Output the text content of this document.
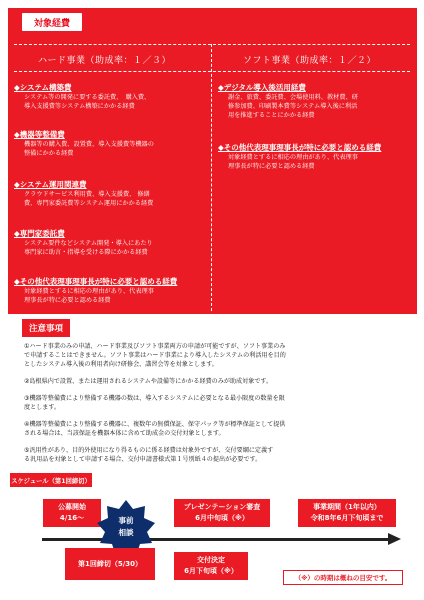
対象経費
ハード事業（助成率：１／３）	ソフト事業（助成率：１／２）
◆システム構築費
システム等の開発に要する委託費、　購入費、
導入支援費等システム構築にかかる経費
◆機器等整備費
機器等の購入費、設置費、導入支援費等機器の
整備にかかる経費
◆システム運用関連費
クラウドサービス利用費、導入支援費、 修繕
費、専門家委託費等システム運用にかかる経費
◆専門家委託費
システム要件などシステム開発・導入にあたり
専門家に助言・指導を受ける際にかかる経費
◆その他代表理事理事長が特に必要と認める経費
対象経費とするに相応の理由があり、代表理事
理事長が特に必要と認める経費
◆デジタル導入後活用経費
謝金、旅費、委託費、会場使用料、教材費、研
修参加費、印刷製本費等システム導入後に利活
用を推進することにかかる経費
◆その他代表理事理事長が特に必要と認める経費
対象経費とするに相応の理由があり、代表理事
理事長が特に必要と認める経費
注意事項
①ハード事業のみの申請、ハード事業及びソフト事業両方の申請が可能ですが、ソフト事業のみ
で申請することはできません。ソフト事業はハード事業により導入したシステムの利活用を目的
としたシステム導入後の利用者向け研修会、講習会等を対象とします。
②島根県内で設置、または運用されるシステムや設備等にかかる経費のみが助成対象です。
③機器等整備費により整備する機器の数は、導入するシステムに必要となる最小限度の数量を限
度とします。
④機器等整備費により整備する機器に、複数年の無償保証、保守パック等が標準保証として提供
される場合は、当該保証を機器本体に含めて助成金の交付対象とします。
⑤汎用性があり、目的外使用になり得るものに係る経費は対象外ですが、交付要綱に定義す
る汎用品を対象として申請する場合、交付申請書様式第１号別紙４の提出が必要です。
スケジュール（第1回締切）
公募開始
4/16～	事前
相談
プレゼンテーション審査
6月中旬頃（※）
事業期間（1年以内）
令和8年6月下旬頃まで
第1回締切（5/30）	交付決定
6月下旬頃（※）
（※）の時期は概ねの目安です。
